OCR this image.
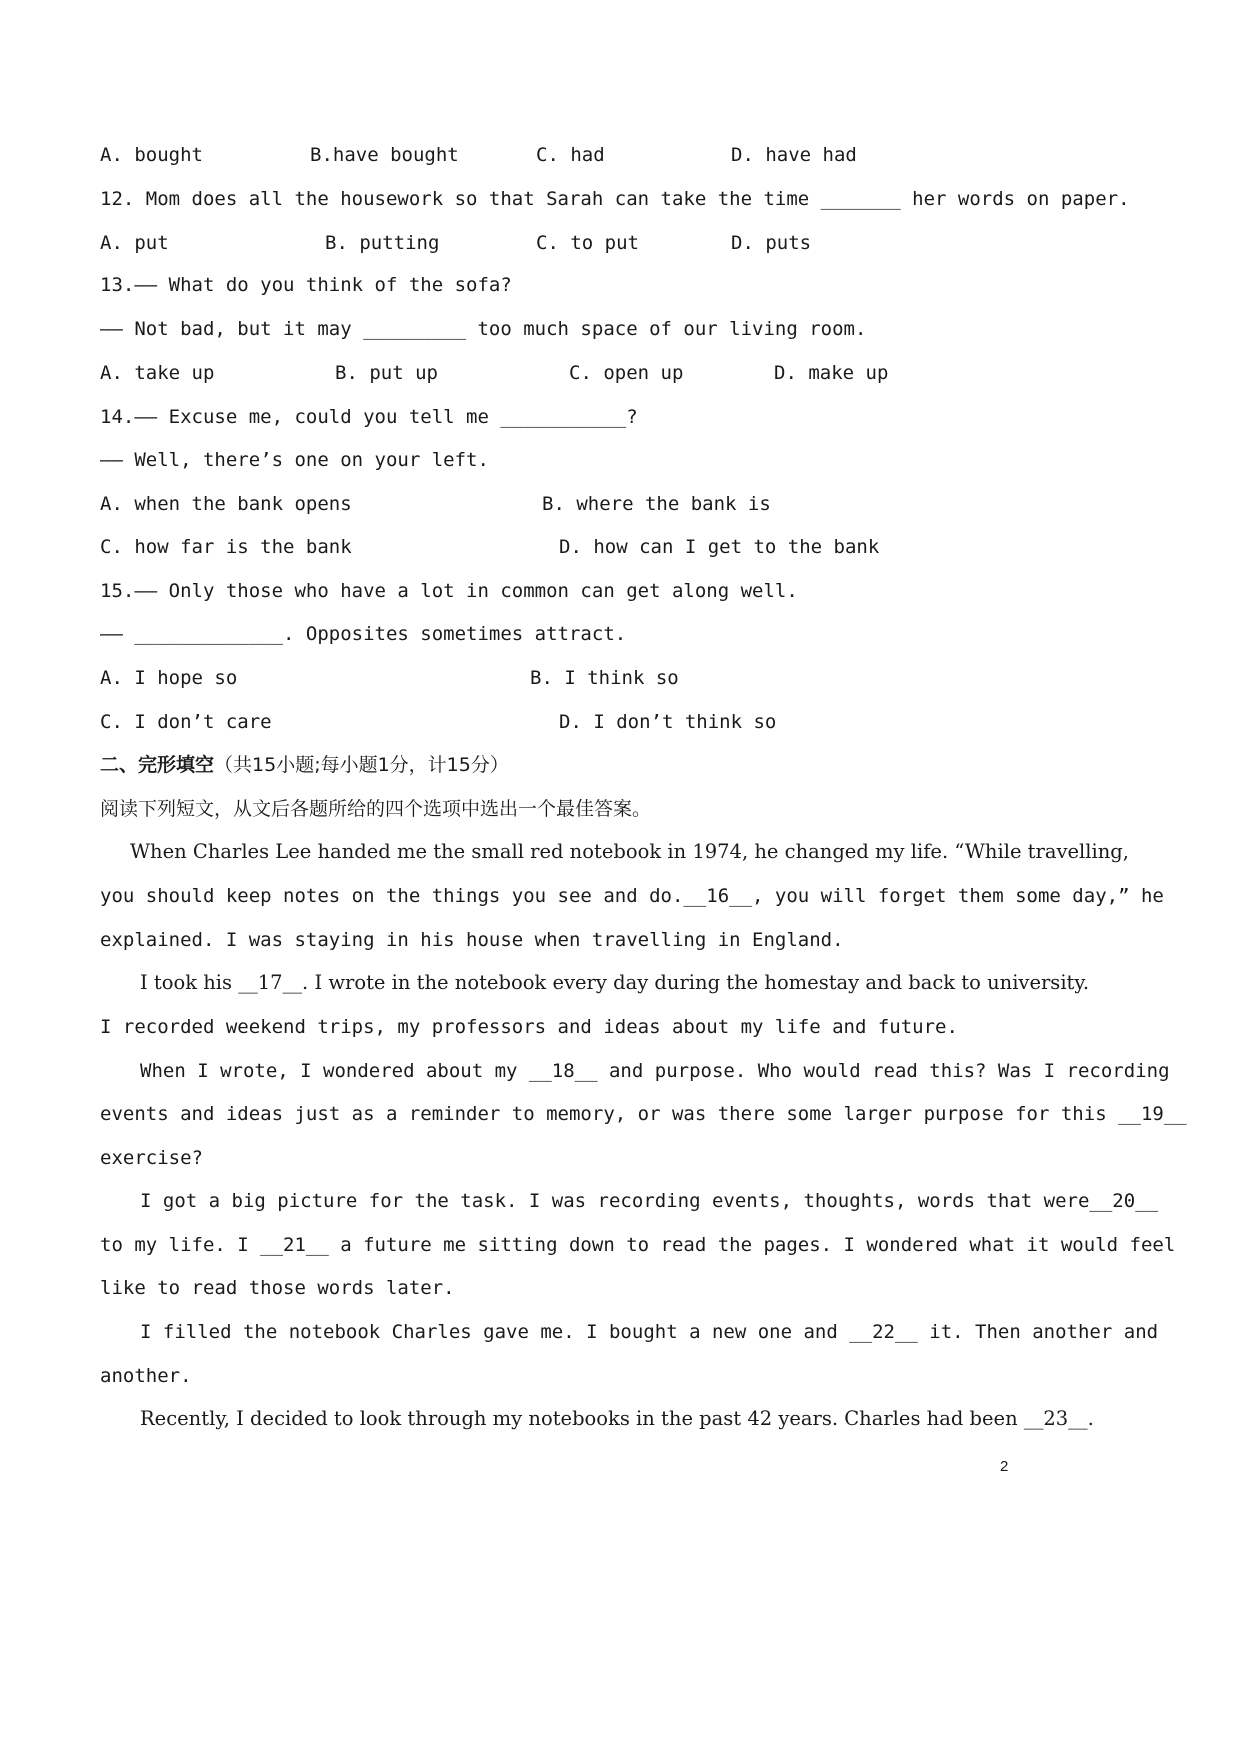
A. bought	B.have bought	C. had	D. have had
12. Mom does all the housework so that Sarah can take the time _______ her words on paper.
A. put	B. putting	C. to put	D. puts
13.—— What do you think of the sofa?
—— Not bad, but it may _________ too much space of our living room.
A. take up	B. put up	C. open up	D. make up
14.—— Excuse me, could you tell me ___________?
—— Well, there’s one on your left.
A. when the bank opens	B. where the bank is
C. how far is the bank	D. how can I get to the bank
15.—— Only those who have a lot in common can get along well.
—— _____________. Opposites sometimes attract.
A. I hope so	B. I think so
C. I don’t care	D. I don’t think so
二、完形填空（共15小题;每小题1分，计15分）
阅读下列短文，从文后各题所给的四个选项中选出一个最佳答案。
When Charles Lee handed me the small red notebook in 1974, he changed my life. “While travelling,
you should keep notes on the things you see and do.__16__, you will forget them some day,” he
explained. I was staying in his house when travelling in England.
I took his __17__. I wrote in the notebook every day during the homestay and back to university.
I recorded weekend trips, my professors and ideas about my life and future.
When I wrote, I wondered about my __18__ and purpose. Who would read this? Was I recording
events and ideas just as a reminder to memory, or was there some larger purpose for this __19__
exercise?
I got a big picture for the task. I was recording events, thoughts, words that were__20__
to my life. I __21__ a future me sitting down to read the pages. I wondered what it would feel
like to read those words later.
I filled the notebook Charles gave me. I bought a new one and __22__ it. Then another and
another.
Recently, I decided to look through my notebooks in the past 42 years. Charles had been __23__.
2
